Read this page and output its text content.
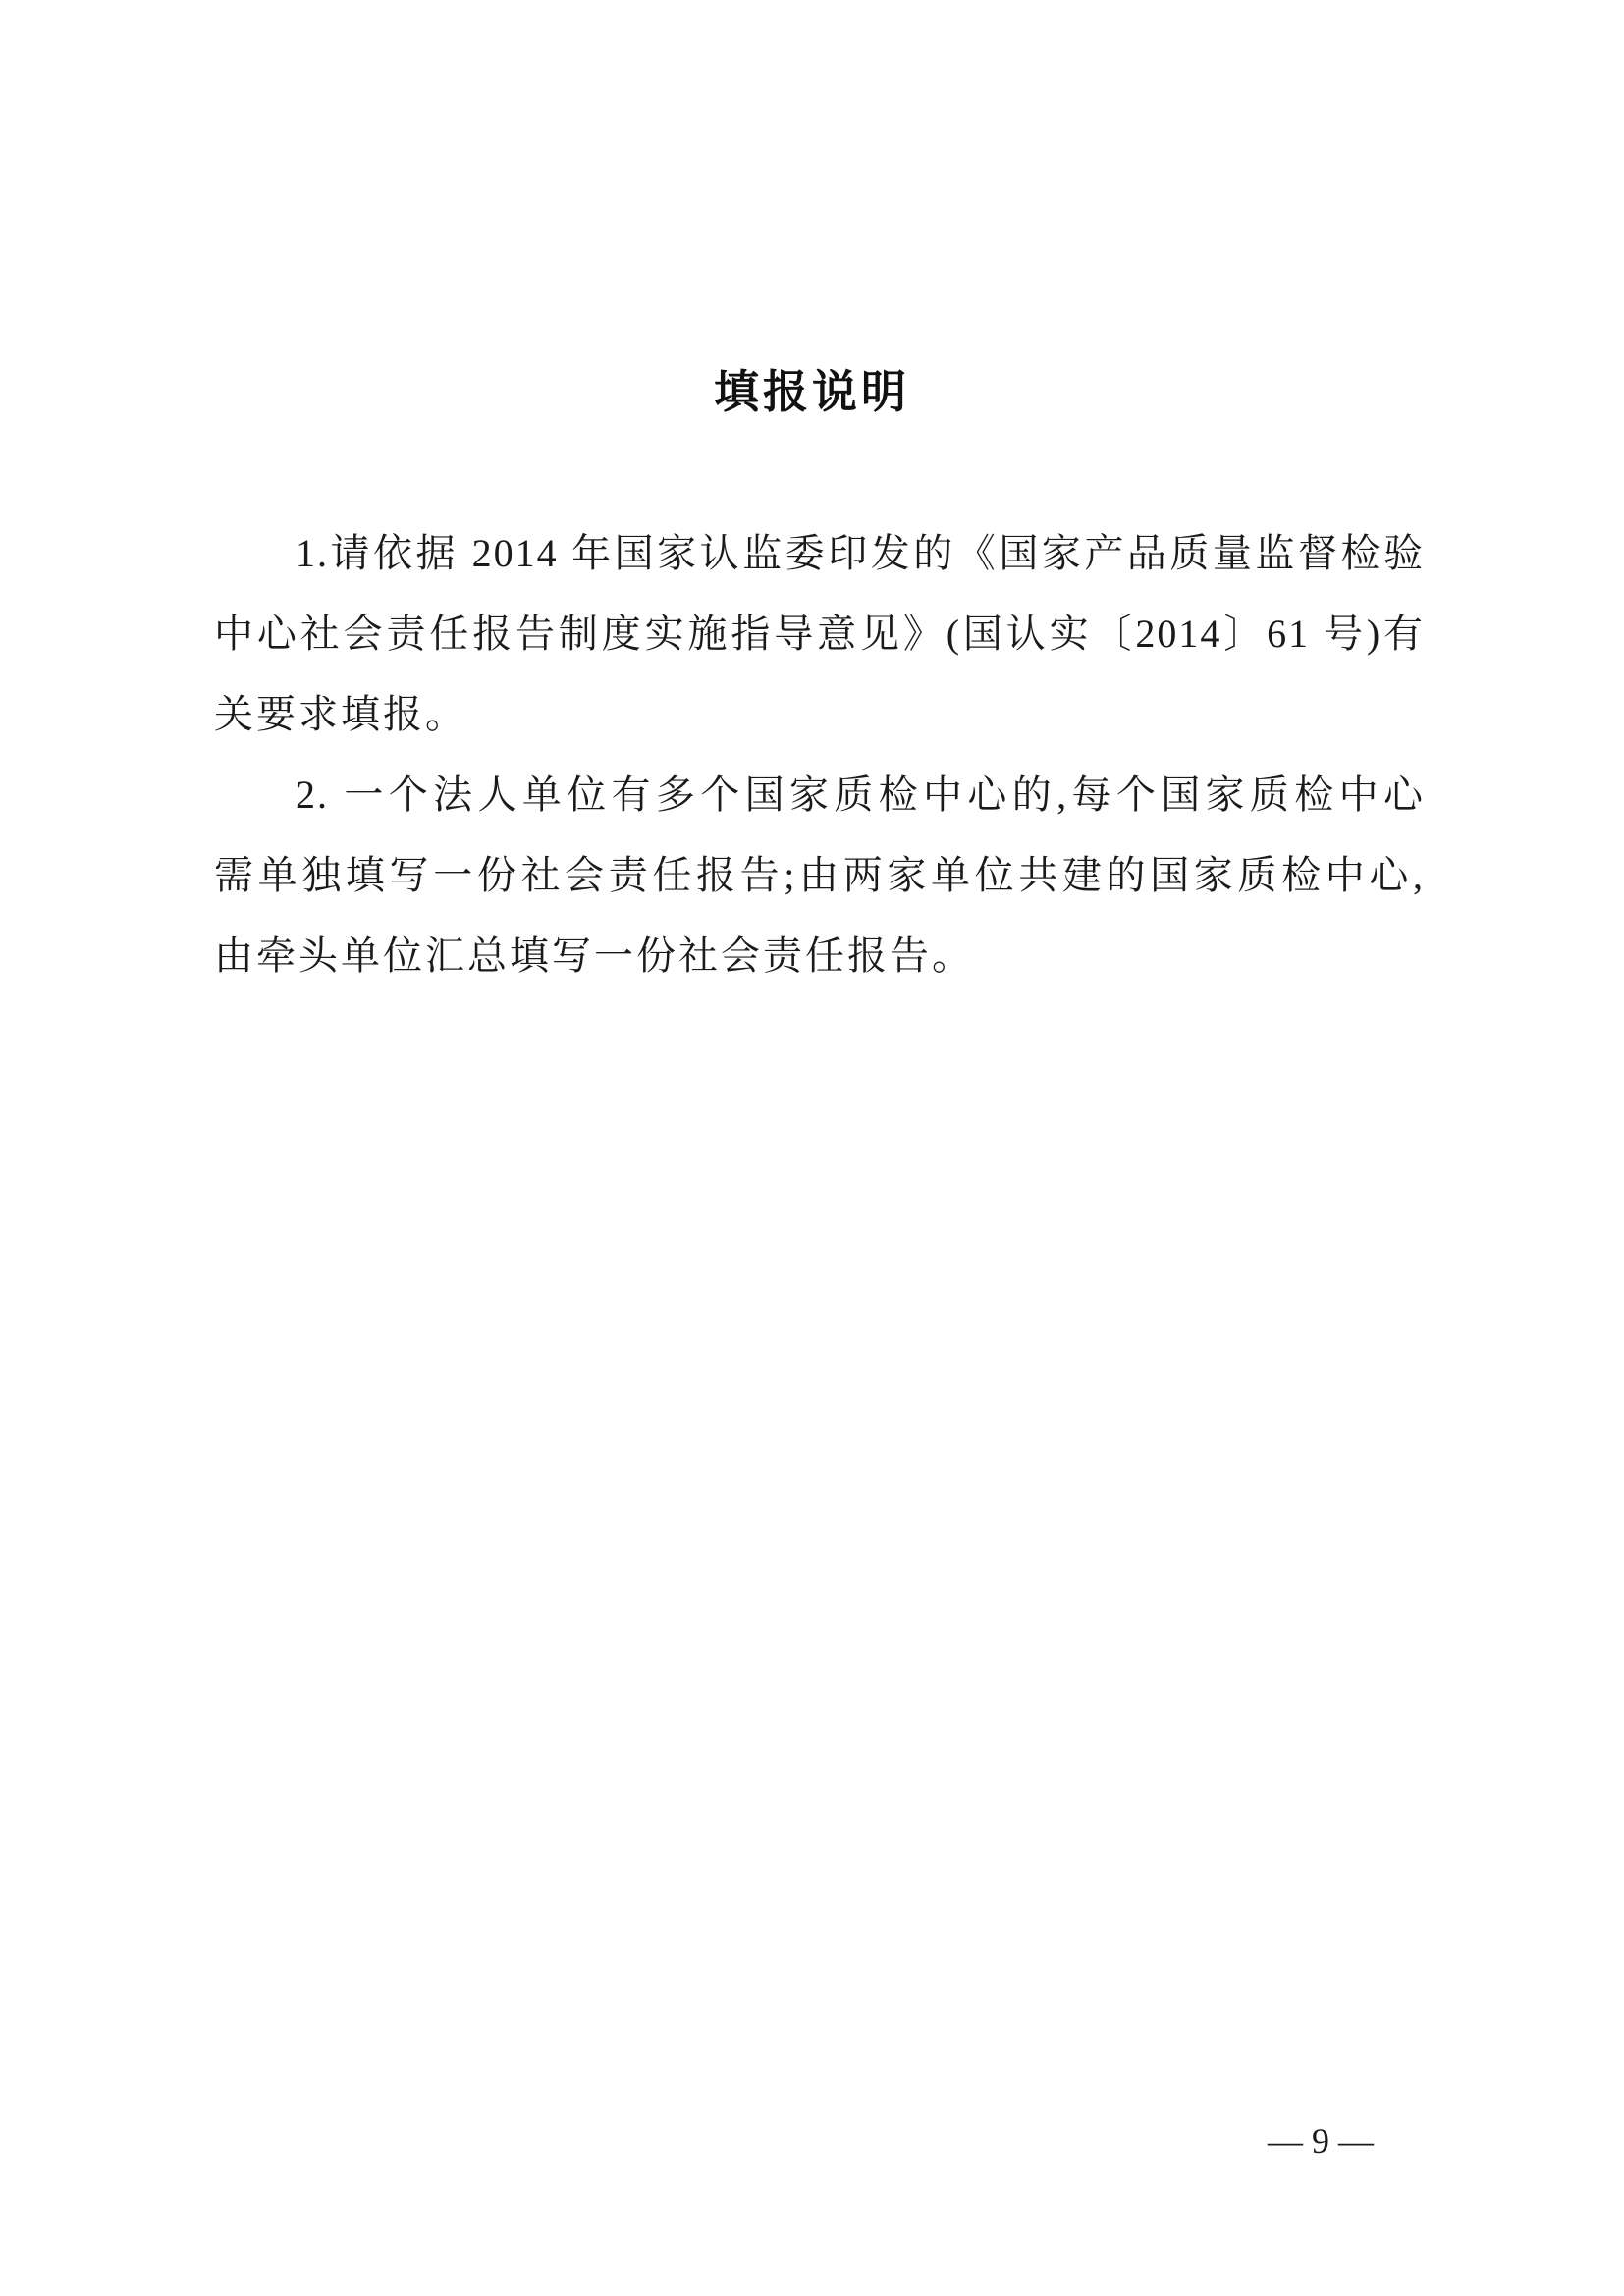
填报说明
1.请依据 2014 年国家认监委印发的《国家产品质量监督检验
中心社会责任报告制度实施指导意见》(国认实〔2014〕61 号)有
关要求填报。
2. 一个法人单位有多个国家质检中心的,每个国家质检中心
需单独填写一份社会责任报告;由两家单位共建的国家质检中心,
由牵头单位汇总填写一份社会责任报告。
— 9 —
